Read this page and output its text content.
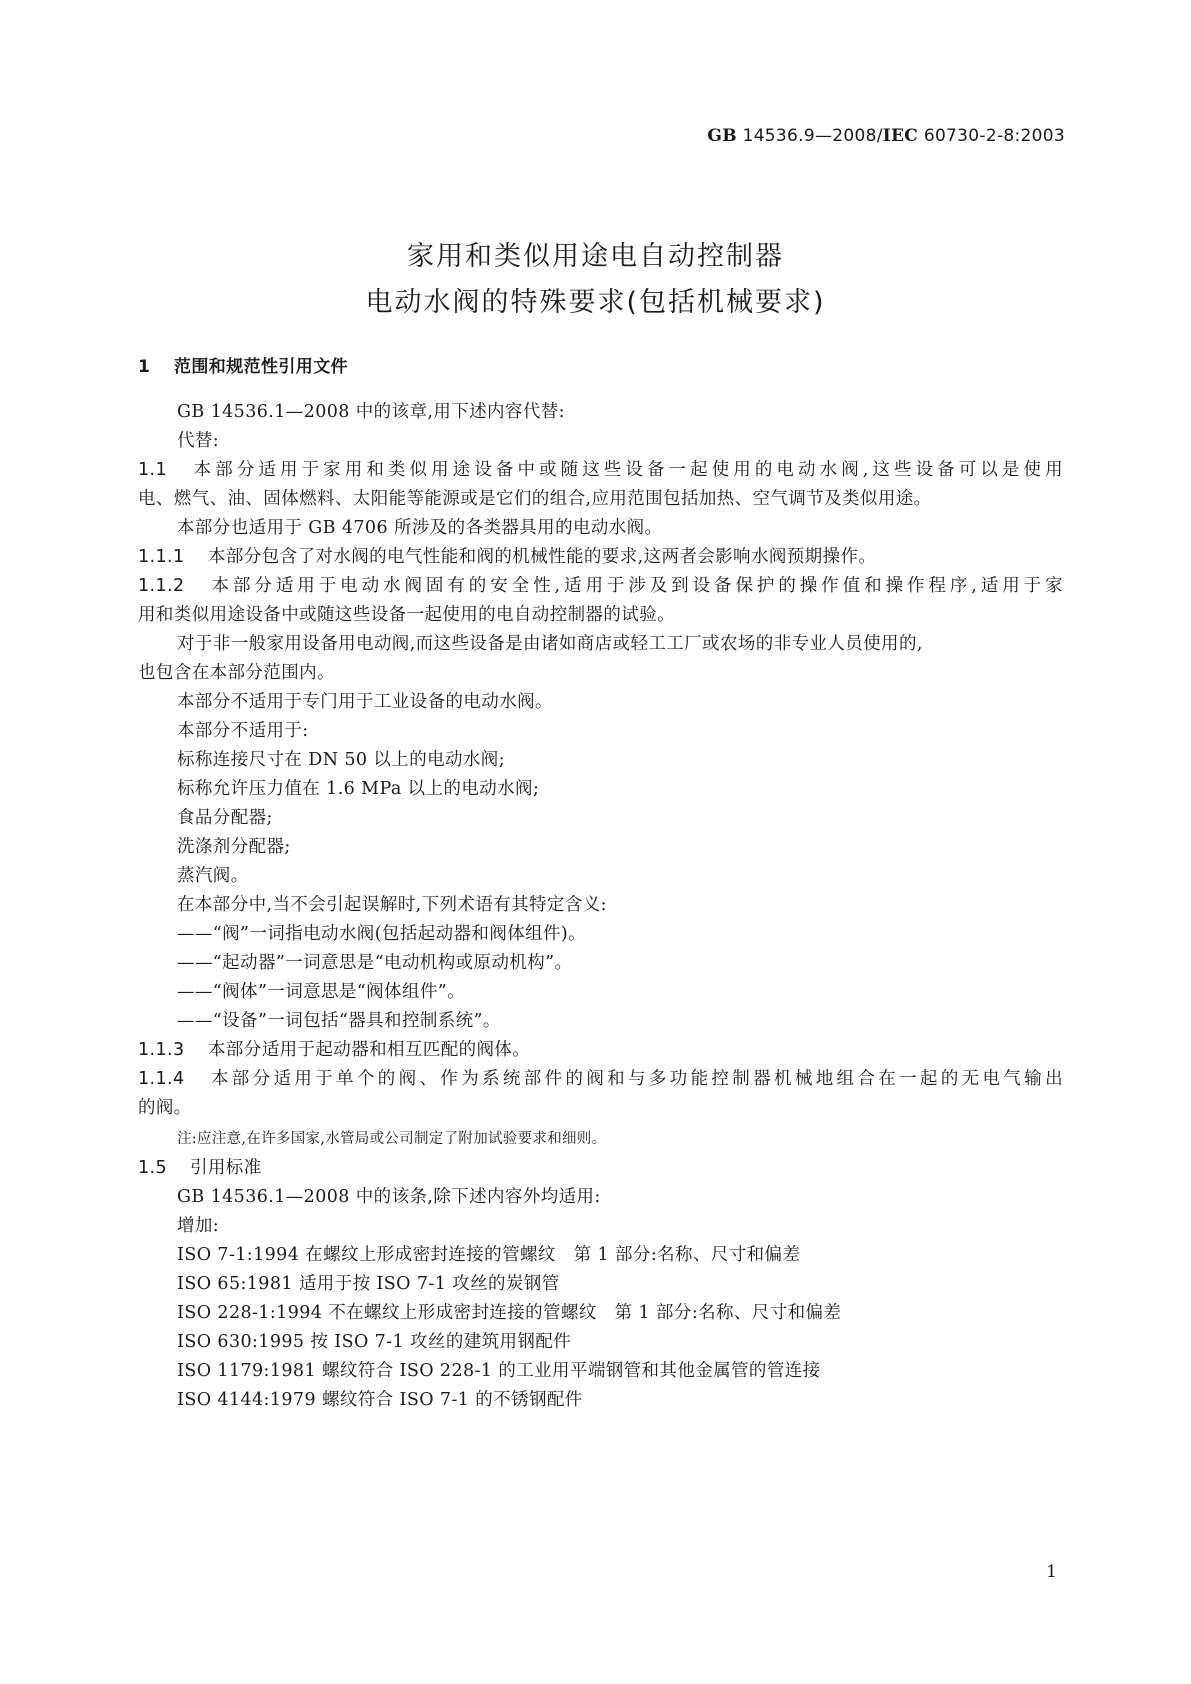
GB 14536.9—2008/IEC 60730-2-8:2003
家用和类似用途电自动控制器
电动水阀的特殊要求(包括机械要求)
1 范围和规范性引用文件
GB 14536.1—2008 中的该章,用下述内容代替:
代替:
1.1 本部分适用于家用和类似用途设备中或随这些设备一起使用的电动水阀,这些设备可以是使用
电、燃气、油、固体燃料、太阳能等能源或是它们的组合,应用范围包括加热、空气调节及类似用途。
本部分也适用于 GB 4706 所涉及的各类器具用的电动水阀。
1.1.1 本部分包含了对水阀的电气性能和阀的机械性能的要求,这两者会影响水阀预期操作。
1.1.2 本部分适用于电动水阀固有的安全性,适用于涉及到设备保护的操作值和操作程序,适用于家
用和类似用途设备中或随这些设备一起使用的电自动控制器的试验。
对于非一般家用设备用电动阀,而这些设备是由诸如商店或轻工工厂或农场的非专业人员使用的,
也包含在本部分范围内。
本部分不适用于专门用于工业设备的电动水阀。
本部分不适用于:
标称连接尺寸在 DN 50 以上的电动水阀;
标称允许压力值在 1.6 MPa 以上的电动水阀;
食品分配器;
洗涤剂分配器;
蒸汽阀。
在本部分中,当不会引起误解时,下列术语有其特定含义:
——“阀”一词指电动水阀(包括起动器和阀体组件)。
——“起动器”一词意思是“电动机构或原动机构”。
——“阀体”一词意思是“阀体组件”。
——“设备”一词包括“器具和控制系统”。
1.1.3 本部分适用于起动器和相互匹配的阀体。
1.1.4 本部分适用于单个的阀、作为系统部件的阀和与多功能控制器机械地组合在一起的无电气输出
的阀。
注:应注意,在许多国家,水管局或公司制定了附加试验要求和细则。
1.5 引用标准
GB 14536.1—2008 中的该条,除下述内容外均适用:
增加:
ISO 7-1:1994 在螺纹上形成密封连接的管螺纹　第 1 部分:名称、尺寸和偏差
ISO 65:1981 适用于按 ISO 7-1 攻丝的炭钢管
ISO 228-1:1994 不在螺纹上形成密封连接的管螺纹　第 1 部分:名称、尺寸和偏差
ISO 630:1995 按 ISO 7-1 攻丝的建筑用钢配件
ISO 1179:1981 螺纹符合 ISO 228-1 的工业用平端钢管和其他金属管的管连接
ISO 4144:1979 螺纹符合 ISO 7-1 的不锈钢配件
1
